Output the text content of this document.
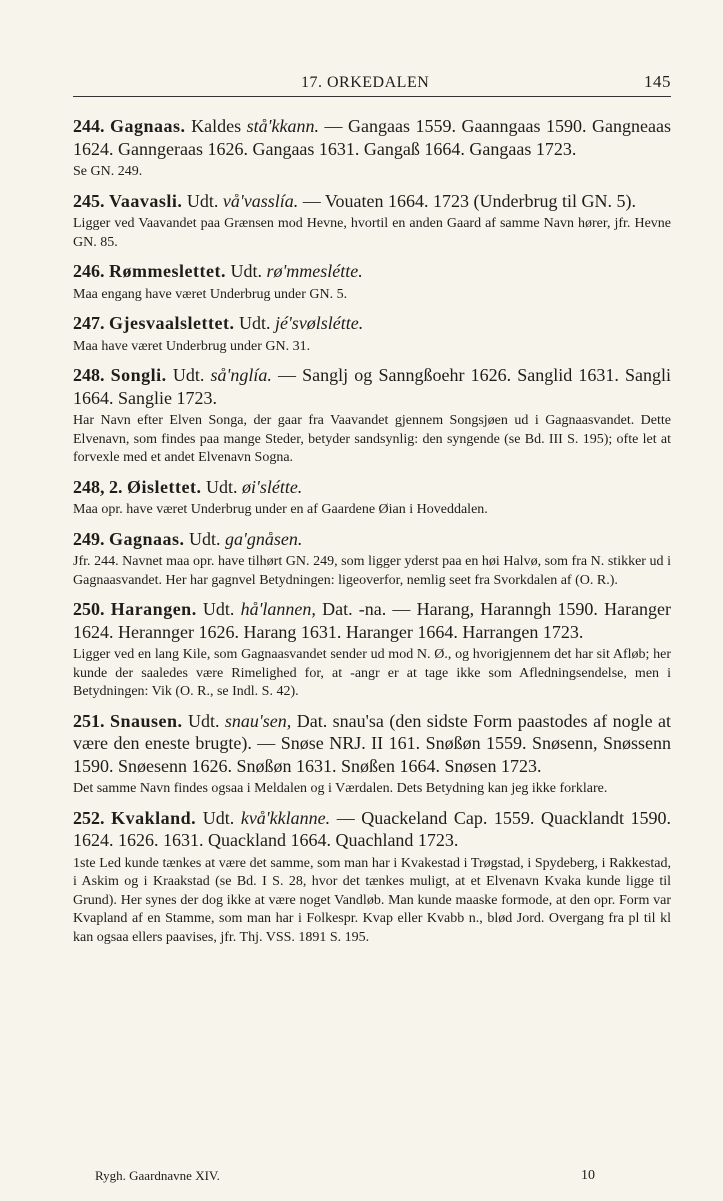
17. ORKEDALEN	145
244. Gagnaas. Kaldes stå'kkann. — Gangaas 1559. Gaanngaas 1590. Gangneaas 1624. Ganngeraas 1626. Gangaas 1631. Gangaß 1664. Gangaas 1723.
Se GN. 249.
245. Vaavasli. Udt. vå'vasslía. — Vouaten 1664. 1723 (Underbrug til GN. 5).
Ligger ved Vaavandet paa Grænsen mod Hevne, hvortil en anden Gaard af samme Navn hører, jfr. Hevne GN. 85.
246. Rømmeslettet. Udt. rø'mmeslétte.
Maa engang have været Underbrug under GN. 5.
247. Gjesvaalslettet. Udt. jé'svølslétte.
Maa have været Underbrug under GN. 31.
248. Songli. Udt. så'nglía. — Sanglj og Sanngßoehr 1626. Sanglid 1631. Sangli 1664. Sanglie 1723.
Har Navn efter Elven Songa, der gaar fra Vaavandet gjennem Songsjøen ud i Gagnaasvandet. Dette Elvenavn, som findes paa mange Steder, betyder sandsynlig: den syngende (se Bd. III S. 195); ofte let at forvexle med et andet Elvenavn Sogna.
248, 2. Øislettet. Udt. øi'slétte.
Maa opr. have været Underbrug under en af Gaardene Øian i Hoveddalen.
249. Gagnaas. Udt. ga'gnåsen.
Jfr. 244. Navnet maa opr. have tilhørt GN. 249, som ligger yderst paa en høi Halvø, som fra N. stikker ud i Gagnaasvandet. Her har gagnvel Betydningen: ligeoverfor, nemlig seet fra Svorkdalen af (O. R.).
250. Harangen. Udt. hå'lannen, Dat. -na. — Harang, Haranngh 1590. Haranger 1624. Herannger 1626. Harang 1631. Haranger 1664. Harrangen 1723.
Ligger ved en lang Kile, som Gagnaasvandet sender ud mod N. Ø., og hvorigjennem det har sit Afløb; her kunde der saaledes være Rimelighed for, at -angr er at tage ikke som Afledningsendelse, men i Betydningen: Vik (O. R., se Indl. S. 42).
251. Snausen. Udt. snau'sen, Dat. snau'sa (den sidste Form paastodes af nogle at være den eneste brugte). — Snøse NRJ. II 161. Snøßøn 1559. Snøsenn, Snøssenn 1590. Snøesenn 1626. Snøßøn 1631. Snøßen 1664. Snøsen 1723.
Det samme Navn findes ogsaa i Meldalen og i Værdalen. Dets Betydning kan jeg ikke forklare.
252. Kvakland. Udt. kvå'kklanne. — Quackeland Cap. 1559. Quacklandt 1590. 1624. 1626. 1631. Quackland 1664. Quachland 1723.
1ste Led kunde tænkes at være det samme, som man har i Kvakestad i Trøgstad, i Spydeberg, i Rakkestad, i Askim og i Kraakstad (se Bd. I S. 28, hvor det tænkes muligt, at et Elvenavn Kvaka kunde ligge til Grund). Her synes der dog ikke at være noget Vandløb. Man kunde maaske formode, at den opr. Form var Kvapland af en Stamme, som man har i Folkespr. Kvap eller Kvabb n., blød Jord. Overgang fra pl til kl kan ogsaa ellers paavises, jfr. Thj. VSS. 1891 S. 195.
Rygh. Gaardnavne XIV.	10
